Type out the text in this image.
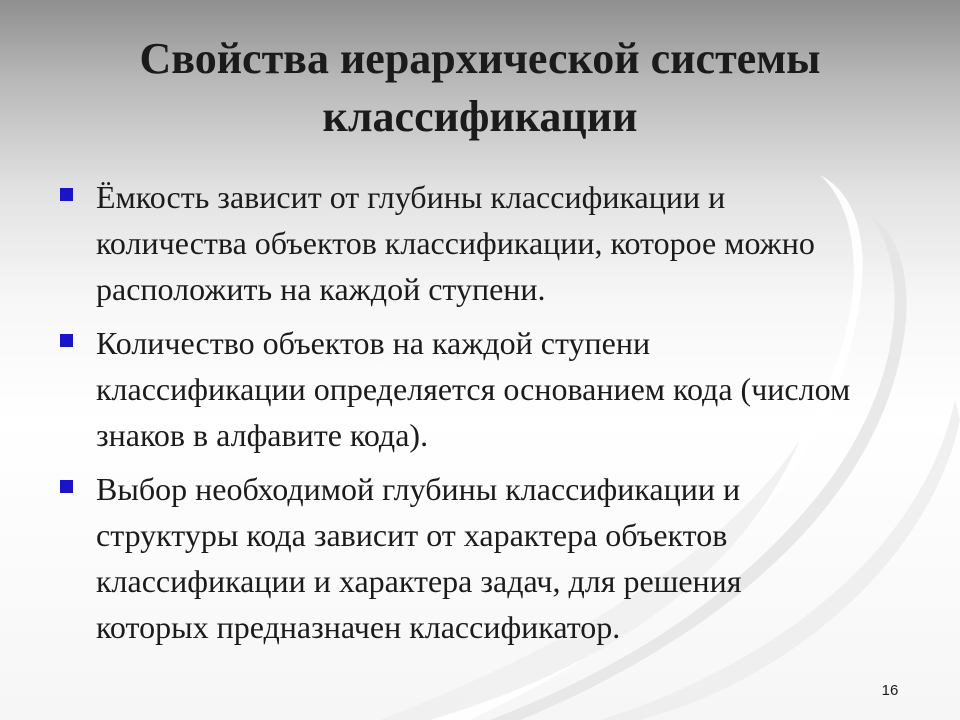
Свойства иерархической системы
классификации
Ёмкость зависит от глубины классификации и количества объектов классификации, которое можно расположить на каждой ступени.
Количество объектов на каждой ступени классификации определяется основанием кода (числом знаков в алфавите кода).
Выбор необходимой глубины классификации и структуры кода зависит от характера объектов классификации и характера задач, для решения которых предназначен классификатор.
16
